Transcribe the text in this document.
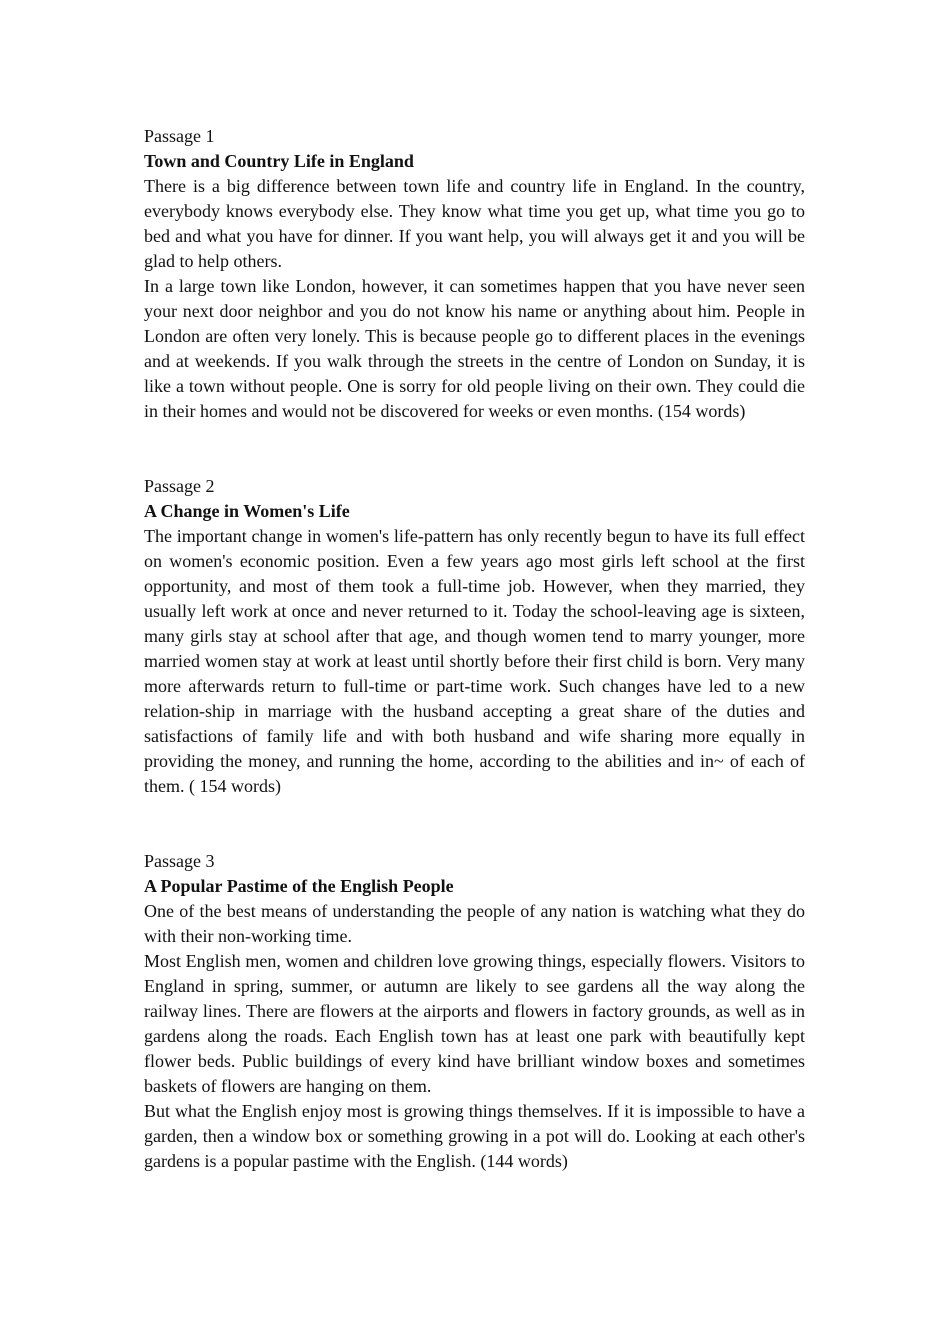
Passage 1

Town and Country Life in England

There is a big difference between town life and country life in England. In the country, everybody knows everybody else. They know what time you get up, what time you go to bed and what you have for dinner. If you want help, you will always get it and you will be glad to help others.

In a large town like London, however, it can sometimes happen that you have never seen your next door neighbor and you do not know his name or anything about him. People in London are often very lonely. This is because people go to different places in the evenings and at weekends. If you walk through the streets in the centre of London on Sunday, it is like a town without people. One is sorry for old people living on their own. They could die in their homes and would not be discovered for weeks or even months. (154 words)

Passage 2

A Change in Women's Life

The important change in women's life-pattern has only recently begun to have its full effect on women's economic position. Even a few years ago most girls left school at the first opportunity, and most of them took a full-time job. However, when they married, they usually left work at once and never returned to it. Today the school-leaving age is sixteen, many girls stay at school after that age, and though women tend to marry younger, more married women stay at work at least until shortly before their first child is born. Very many more afterwards return to full-time or part-time work. Such changes have led to a new relation-ship in marriage with the husband accepting a great share of the duties and satisfactions of family life and with both husband and wife sharing more equally in providing the money, and running the home, according to the abilities and in~ of each of them. ( 154 words)

Passage 3

A Popular Pastime of the English People

One of the best means of understanding the people of any nation is watching what they do with their non-working time.

Most English men, women and children love growing things, especially flowers. Visitors to England in spring, summer, or autumn are likely to see gardens all the way along the railway lines. There are flowers at the airports and flowers in factory grounds, as well as in gardens along the roads. Each English town has at least one park with beautifully kept flower beds. Public buildings of every kind have brilliant window boxes and sometimes baskets of flowers are hanging on them.

But what the English enjoy most is growing things themselves. If it is impossible to have a garden, then a window box or something growing in a pot will do. Looking at each other's gardens is a popular pastime with the English. (144 words)
